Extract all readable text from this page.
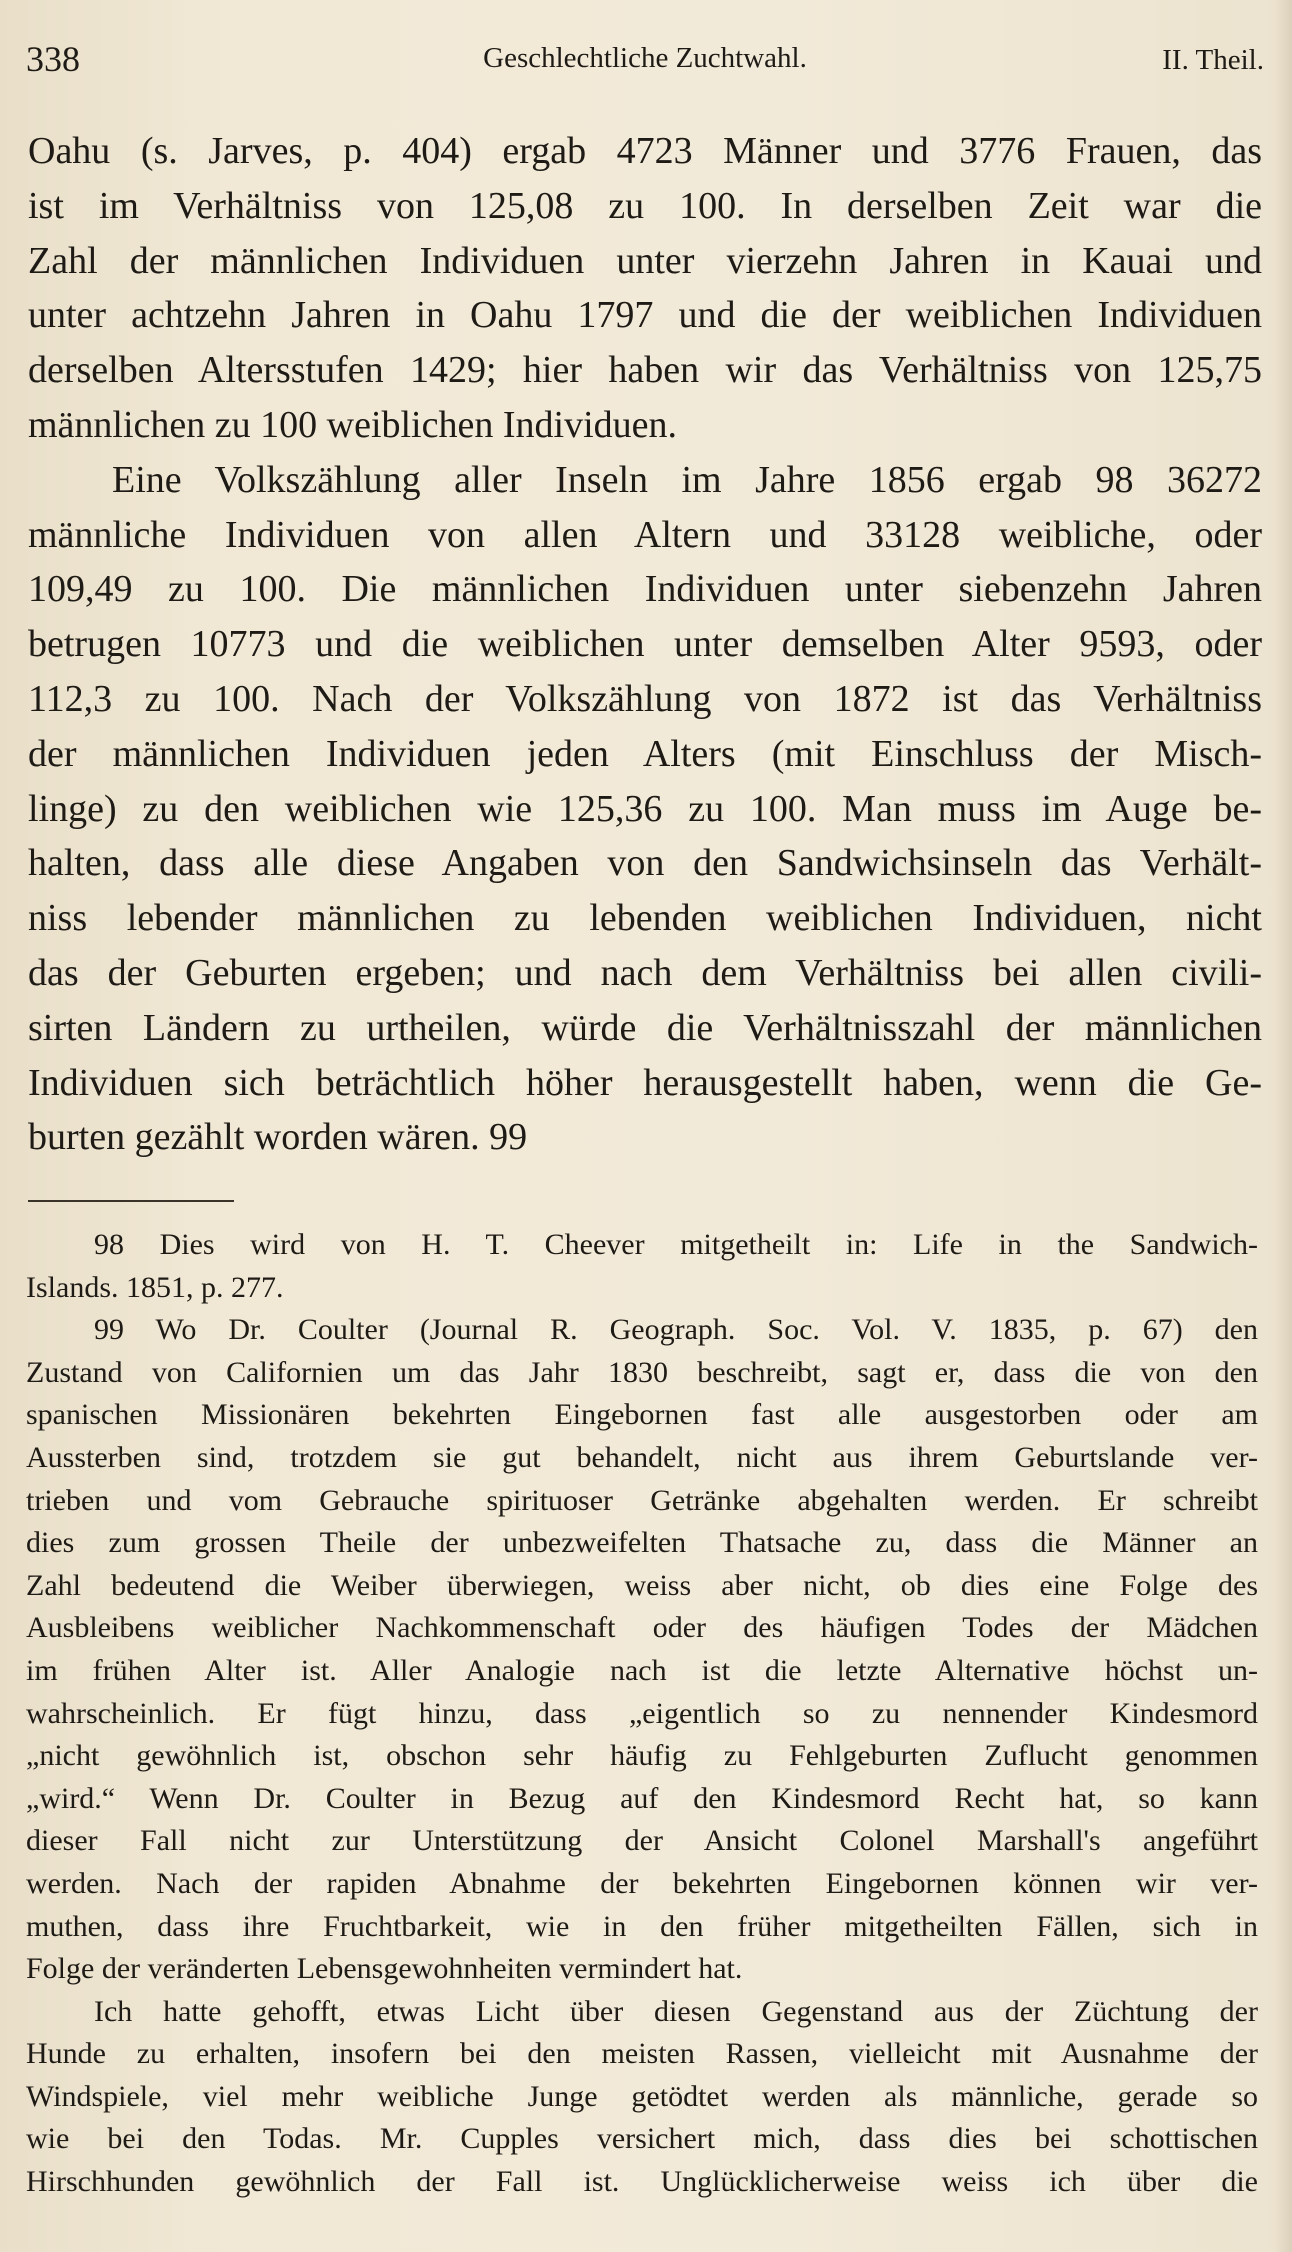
338	Geschlechtliche Zuchtwahl.	II. Theil.
Oahu (s. Jarves, p. 404) ergab 4723 Männer und 3776 Frauen, das
ist im Verhältniss von 125,08 zu 100. In derselben Zeit war die
Zahl der männlichen Individuen unter vierzehn Jahren in Kauai und
unter achtzehn Jahren in Oahu 1797 und die der weiblichen Individuen
derselben Altersstufen 1429; hier haben wir das Verhältniss von 125,75
männlichen zu 100 weiblichen Individuen.
Eine Volkszählung aller Inseln im Jahre 1856 ergab 98 36272
männliche Individuen von allen Altern und 33128 weibliche, oder
109,49 zu 100. Die männlichen Individuen unter siebenzehn Jahren
betrugen 10773 und die weiblichen unter demselben Alter 9593, oder
112,3 zu 100. Nach der Volkszählung von 1872 ist das Verhältniss
der männlichen Individuen jeden Alters (mit Einschluss der Misch-
linge) zu den weiblichen wie 125,36 zu 100. Man muss im Auge be-
halten, dass alle diese Angaben von den Sandwichsinseln das Verhält-
niss lebender männlichen zu lebenden weiblichen Individuen, nicht
das der Geburten ergeben; und nach dem Verhältniss bei allen civili-
sirten Ländern zu urtheilen, würde die Verhältnisszahl der männlichen
Individuen sich beträchtlich höher herausgestellt haben, wenn die Ge-
burten gezählt worden wären. 99
98 Dies wird von H. T. Cheever mitgetheilt in: Life in the Sandwich-
Islands. 1851, p. 277.
99 Wo Dr. Coulter (Journal R. Geograph. Soc. Vol. V. 1835, p. 67) den
Zustand von Californien um das Jahr 1830 beschreibt, sagt er, dass die von den
spanischen Missionären bekehrten Eingebornen fast alle ausgestorben oder am
Aussterben sind, trotzdem sie gut behandelt, nicht aus ihrem Geburtslande ver-
trieben und vom Gebrauche spirituoser Getränke abgehalten werden. Er schreibt
dies zum grossen Theile der unbezweifelten Thatsache zu, dass die Männer an
Zahl bedeutend die Weiber überwiegen, weiss aber nicht, ob dies eine Folge des
Ausbleibens weiblicher Nachkommenschaft oder des häufigen Todes der Mädchen
im frühen Alter ist. Aller Analogie nach ist die letzte Alternative höchst un-
wahrscheinlich. Er fügt hinzu, dass „eigentlich so zu nennender Kindesmord
„nicht gewöhnlich ist, obschon sehr häufig zu Fehlgeburten Zuflucht genommen
„wird.“ Wenn Dr. Coulter in Bezug auf den Kindesmord Recht hat, so kann
dieser Fall nicht zur Unterstützung der Ansicht Colonel Marshall's angeführt
werden. Nach der rapiden Abnahme der bekehrten Eingebornen können wir ver-
muthen, dass ihre Fruchtbarkeit, wie in den früher mitgetheilten Fällen, sich in
Folge der veränderten Lebensgewohnheiten vermindert hat.
Ich hatte gehofft, etwas Licht über diesen Gegenstand aus der Züchtung der
Hunde zu erhalten, insofern bei den meisten Rassen, vielleicht mit Ausnahme der
Windspiele, viel mehr weibliche Junge getödtet werden als männliche, gerade so
wie bei den Todas. Mr. Cupples versichert mich, dass dies bei schottischen
Hirschhunden gewöhnlich der Fall ist. Unglücklicherweise weiss ich über die
